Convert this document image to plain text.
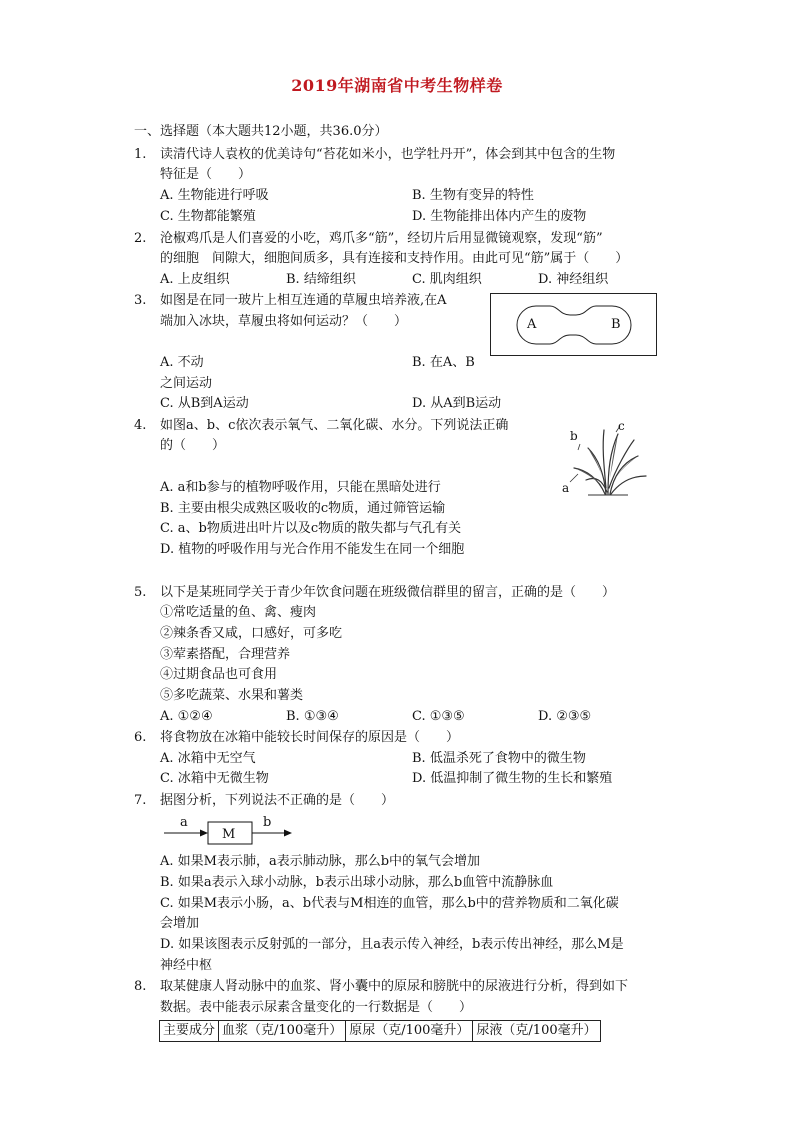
2019年湖南省中考生物样卷
一、选择题（本大题共12小题，共36.0分）
1. 读清代诗人袁枚的优美诗句“苔花如米小，也学牡丹开”，体会到其中包含的生物
特征是（　　）
A. 生物能进行呼吸	B. 生物有变异的特性
C. 生物都能繁殖	D. 生物能排出体内产生的废物
2. 沧椒鸡爪是人们喜爱的小吃，鸡爪多“筋”，经切片后用显微镜观察，发现“筋”
的细胞　间隙大，细胞间质多，具有连接和支持作用。由此可见“筋”属于（　　）
A. 上皮组织	B. 结缔组织	C. 肌肉组织	D. 神经组织
3. 如图是在同一玻片上相互连通的草履虫培养液,在A
端加入冰块，草履虫将如何运动？（　　）	A	B
A. 不动	B. 在A、B
之间运动
C. 从B到A运动	D. 从A到B运动
4. 如图a、b、c依次表示氧气、二氧化碳、水分。下列说法正确
的（　　）
b
c
a
A. a和b参与的植物呼吸作用，只能在黑暗处进行
B. 主要由根尖成熟区吸收的c物质，通过筛管运输
C. a、b物质进出叶片以及c物质的散失都与气孔有关
D. 植物的呼吸作用与光合作用不能发生在同一个细胞
5. 以下是某班同学关于青少年饮食问题在班级微信群里的留言，正确的是（　　）
①常吃适量的鱼、禽、瘦肉
②辣条香又咸，口感好，可多吃
③荤素搭配，合理营养
④过期食品也可食用
⑤多吃蔬菜、水果和薯类
A. ①②④	B. ①③④	C. ①③⑤	D. ②③⑤
6. 将食物放在冰箱中能较长时间保存的原因是（　　）
A. 冰箱中无空气	B. 低温杀死了食物中的微生物
C. 冰箱中无微生物	D. 低温抑制了微生物的生长和繁殖
7. 据图分析，下列说法不正确的是（　　）
a
M
b
A. 如果M表示肺，a表示肺动脉，那么b中的氧气会增加
B. 如果a表示入球小动脉，b表示出球小动脉，那么b血管中流静脉血
C. 如果M表示小肠，a、b代表与M相连的血管，那么b中的营养物质和二氧化碳
会增加
D. 如果该图表示反射弧的一部分，且a表示传入神经，b表示传出神经，那么M是
神经中枢
8. 取某健康人肾动脉中的血浆、肾小囊中的原尿和膀胱中的尿液进行分析，得到如下
数据。表中能表示尿素含量变化的一行数据是（　　）
主要成分	血浆（克/100毫升）	原尿（克/100毫升）	尿液（克/100毫升）
